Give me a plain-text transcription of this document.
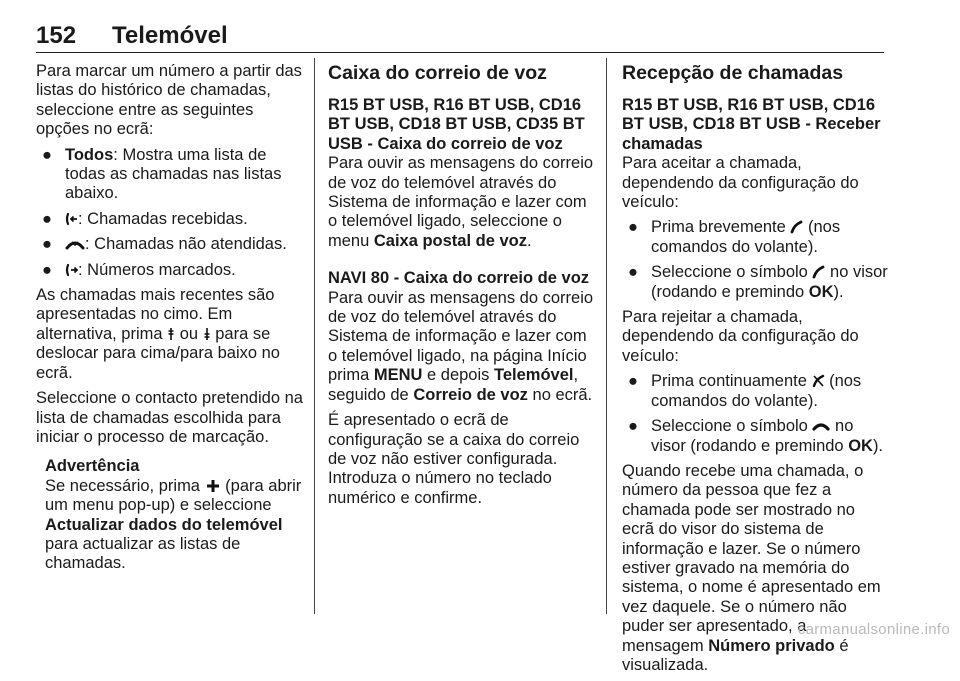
152 Telemóvel

Para marcar um número a partir das listas do histórico de chamadas, seleccione entre as seguintes opções no ecrã:

● Todos: Mostra uma lista de todas as chamadas nas listas abaixo.
● : Chamadas recebidas.
● : Chamadas não atendidas.
● : Números marcados.

As chamadas mais recentes são apresentadas no cimo. Em alternativa, prima
ou
para se deslocar para cima/para baixo no ecrã.

Seleccione o contacto pretendido na lista de chamadas escolhida para iniciar o processo de marcação.

Advertência
Se necessário, prima
(para abrir um menu pop-up) e seleccione Actualizar dados do telemóvel para actualizar as listas de chamadas.
Caixa do correio de voz
R15 BT USB, R16 BT USB, CD16 BT USB, CD18 BT USB, CD35 BT USB - Caixa do correio de voz

Para ouvir as mensagens do correio de voz do telemóvel através do Sistema de informação e lazer com o telemóvel ligado, seleccione o menu Caixa postal de voz.

NAVI 80 - Caixa do correio de voz

Para ouvir as mensagens do correio de voz do telemóvel através do Sistema de informação e lazer com o telemóvel ligado, na página Início prima MENU e depois Telemóvel, seguido de Correio de voz no ecrã.

É apresentado o ecrã de configuração se a caixa do correio de voz não estiver configurada.

Introduza o número no teclado numérico e confirme.

Recepção de chamadas
R15 BT USB, R16 BT USB, CD16 BT USB, CD18 BT USB - Receber chamadas

Para aceitar a chamada, dependendo da configuração do veículo:

● Prima brevemente
(nos comandos do volante).
● Seleccione o símbolo
no visor (rodando e premindo OK).

Para rejeitar a chamada, dependendo da configuração do veículo:

● Prima continuamente
(nos comandos do volante).
● Seleccione o símbolo
no visor (rodando e premindo OK).

Quando recebe uma chamada, o número da pessoa que fez a chamada pode ser mostrado no ecrã do visor do sistema de informação e lazer. Se o número estiver gravado na memória do sistema, o nome é apresentado em vez daquele. Se o número não puder ser apresentado, a mensagem Número privado é visualizada.

carmanualsonline.info
